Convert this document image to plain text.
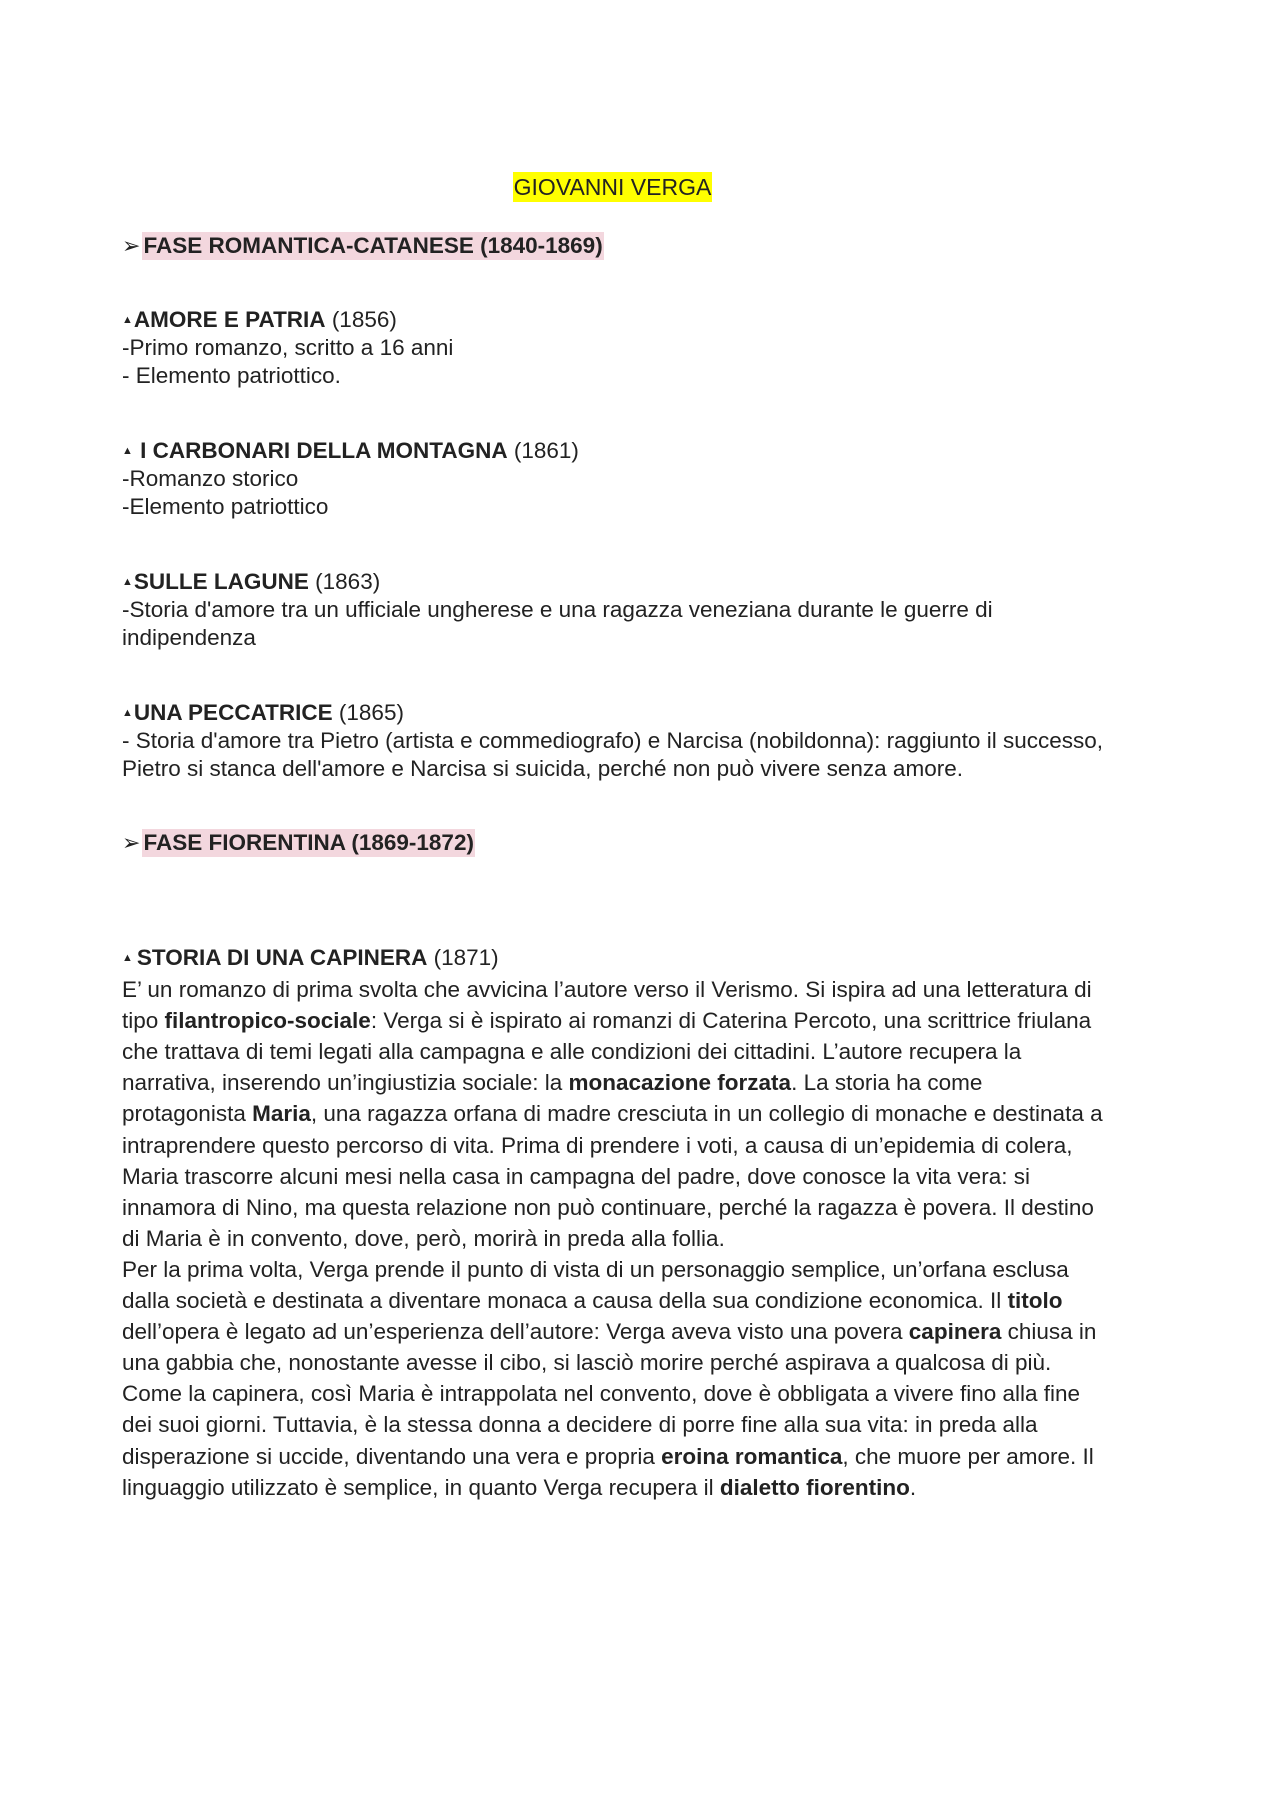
GIOVANNI VERGA
➢ FASE ROMANTICA-CATANESE (1840-1869)
▲AMORE E PATRIA (1856)
-Primo romanzo, scritto a 16 anni
- Elemento patriottico.
▲ I CARBONARI DELLA MONTAGNA (1861)
-Romanzo storico
-Elemento patriottico
▲SULLE LAGUNE (1863)
-Storia d'amore tra un ufficiale ungherese e una ragazza veneziana durante le guerre di indipendenza
▲UNA PECCATRICE (1865)
- Storia d'amore tra Pietro (artista e commediografo) e Narcisa (nobildonna): raggiunto il successo, Pietro si stanca dell'amore e Narcisa si suicida, perché non può vivere senza amore.
➢ FASE FIORENTINA (1869-1872)
▲ STORIA DI UNA CAPINERA (1871)
E’ un romanzo di prima svolta che avvicina l’autore verso il Verismo. Si ispira ad una letteratura di tipo filantropico-sociale: Verga si è ispirato ai romanzi di Caterina Percoto, una scrittrice friulana che trattava di temi legati alla campagna e alle condizioni dei cittadini. L’autore recupera la narrativa, inserendo un’ingiustizia sociale: la monacazione forzata. La storia ha come protagonista Maria, una ragazza orfana di madre cresciuta in un collegio di monache e destinata a intraprendere questo percorso di vita. Prima di prendere i voti, a causa di un’epidemia di colera, Maria trascorre alcuni mesi nella casa in campagna del padre, dove conosce la vita vera: si innamora di Nino, ma questa relazione non può continuare, perché la ragazza è povera. Il destino di Maria è in convento, dove, però, morirà in preda alla follia.
Per la prima volta, Verga prende il punto di vista di un personaggio semplice, un’orfana esclusa dalla società e destinata a diventare monaca a causa della sua condizione economica. Il titolo dell’opera è legato ad un’esperienza dell’autore: Verga aveva visto una povera capinera chiusa in una gabbia che, nonostante avesse il cibo, si lasciò morire perché aspirava a qualcosa di più. Come la capinera, così Maria è intrappolata nel convento, dove è obbligata a vivere fino alla fine dei suoi giorni. Tuttavia, è la stessa donna a decidere di porre fine alla sua vita: in preda alla disperazione si uccide, diventando una vera e propria eroina romantica, che muore per amore. Il linguaggio utilizzato è semplice, in quanto Verga recupera il dialetto fiorentino.
